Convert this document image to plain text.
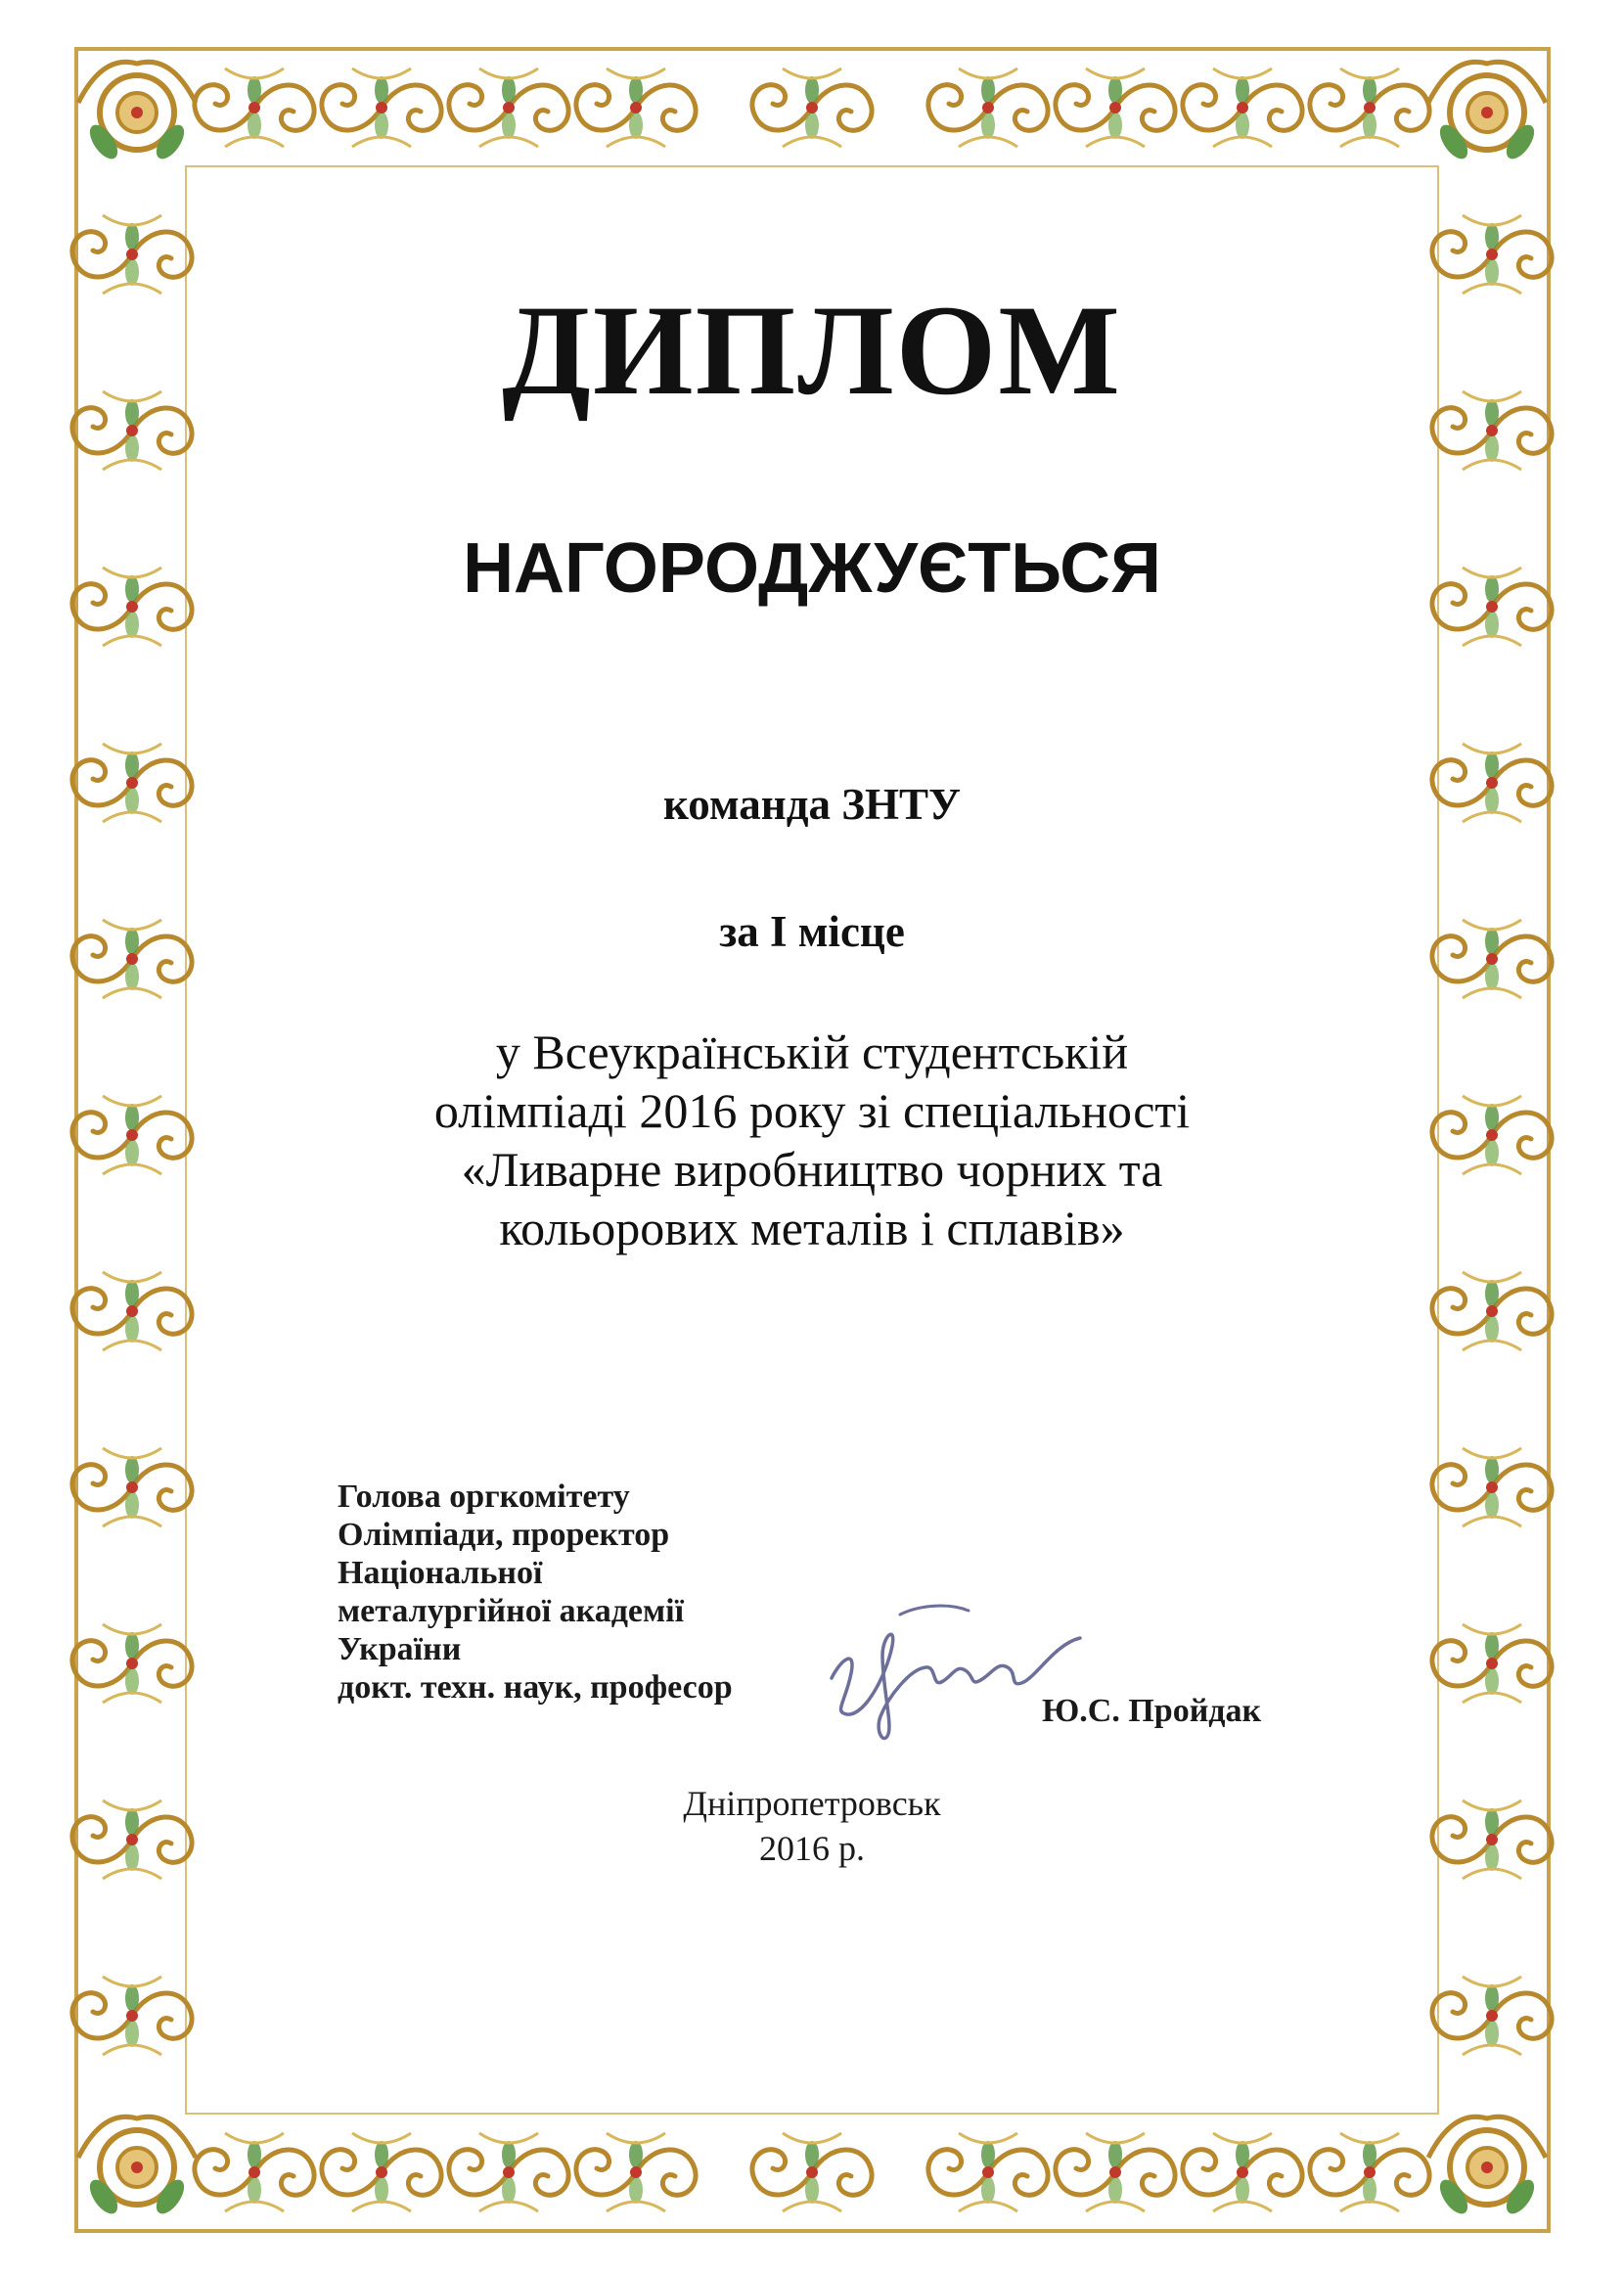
ДИПЛОМ
НАГОРОДЖУЄТЬСЯ
команда ЗНТУ
за І місце
у Всеукраїнській студентській
олімпіаді 2016 року зі спеціальності
«Ливарне виробництво чорних та
кольорових металів і сплавів»
Голова оргкомітету
Олімпіади, проректор
Національної
металургійної академії
України
докт. техн. наук, професор
Ю.С. Пройдак
Дніпропетровськ
2016 р.
